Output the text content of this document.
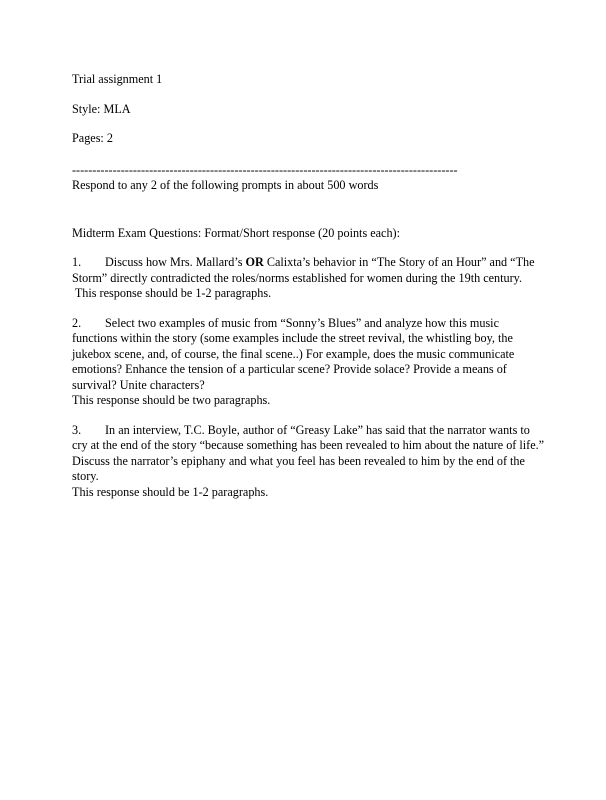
Trial assignment 1
Style: MLA
Pages: 2
-----------------------------------------------------------------------------------------------
Respond to any 2 of the following prompts in about 500 words
Midterm Exam Questions: Format/Short response (20 points each):
1. Discuss how Mrs. Mallard’s OR Calixta’s behavior in “The Story of an Hour” and “The
Storm” directly contradicted the roles/norms established for women during the 19th century.
This response should be 1-2 paragraphs.
2. Select two examples of music from “Sonny’s Blues” and analyze how this music
functions within the story (some examples include the street revival, the whistling boy, the
jukebox scene, and, of course, the final scene..) For example, does the music communicate
emotions? Enhance the tension of a particular scene? Provide solace? Provide a means of
survival? Unite characters?
This response should be two paragraphs.
3. In an interview, T.C. Boyle, author of “Greasy Lake” has said that the narrator wants to
cry at the end of the story “because something has been revealed to him about the nature of life.”
Discuss the narrator’s epiphany and what you feel has been revealed to him by the end of the
story.
This response should be 1-2 paragraphs.
